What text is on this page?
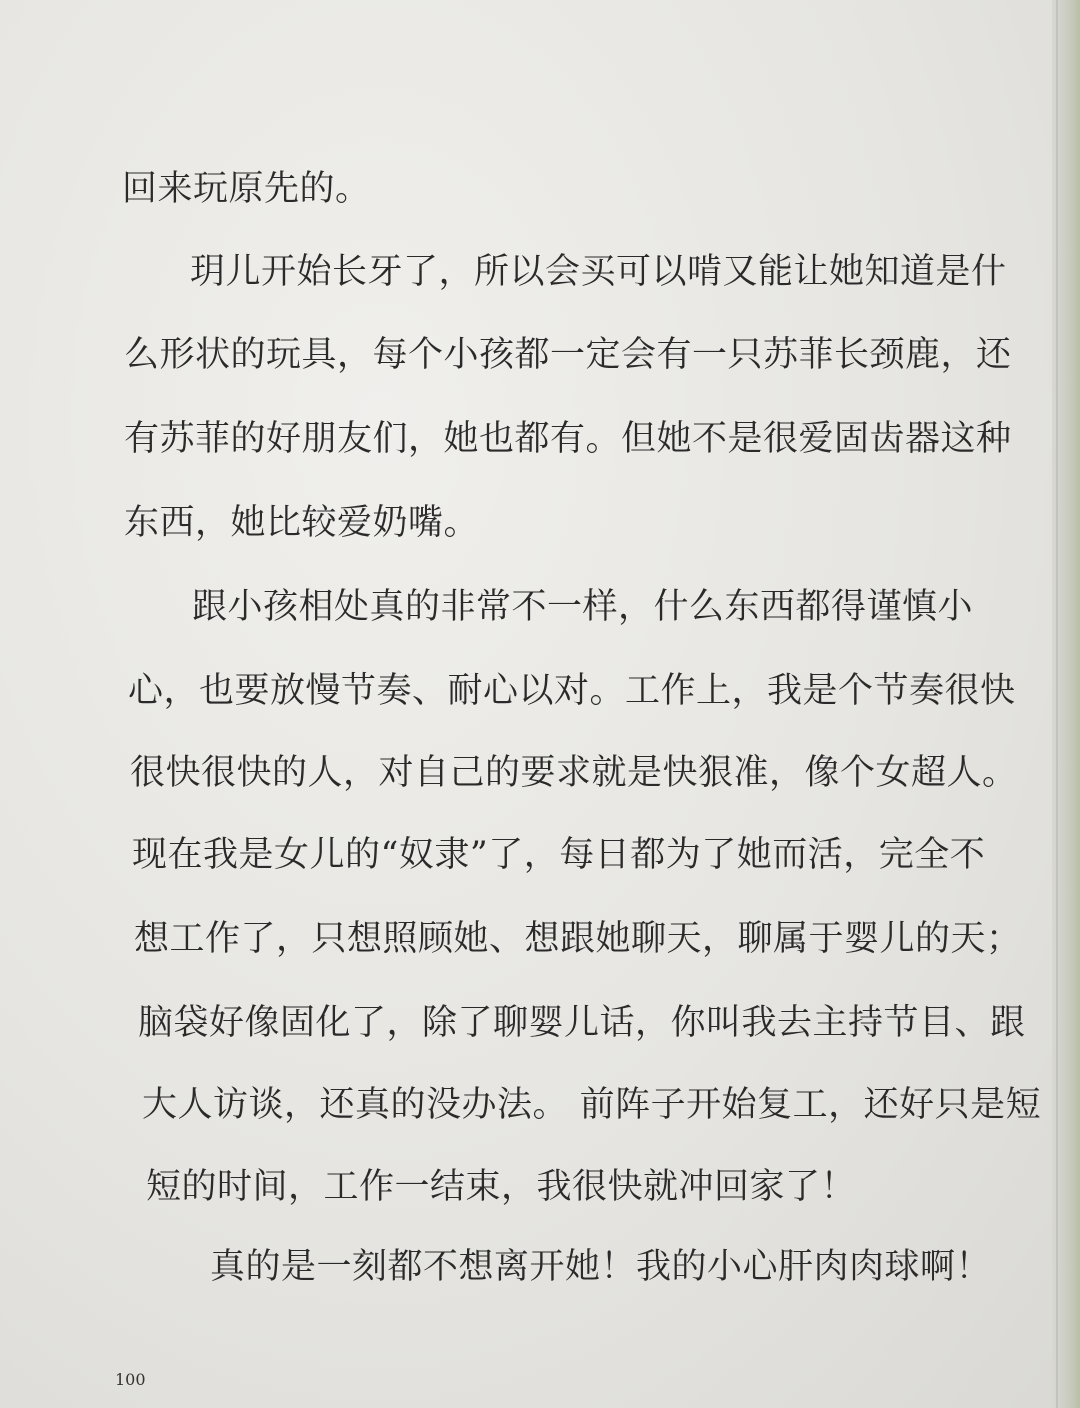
回来玩原先的。
玥儿开始长牙了，所以会买可以啃又能让她知道是什
么形状的玩具，每个小孩都一定会有一只苏菲长颈鹿，还
有苏菲的好朋友们，她也都有。但她不是很爱固齿器这种
东西，她比较爱奶嘴。
跟小孩相处真的非常不一样，什么东西都得谨慎小
心，也要放慢节奏、耐心以对。工作上，我是个节奏很快
很快很快的人，对自己的要求就是快狠准，像个女超人。
现在我是女儿的“奴隶”了，每日都为了她而活，完全不
想工作了，只想照顾她、想跟她聊天，聊属于婴儿的天；
脑袋好像固化了，除了聊婴儿话，你叫我去主持节目、跟
大人访谈，还真的没办法。 前阵子开始复工，还好只是短
短的时间，工作一结束，我很快就冲回家了！
真的是一刻都不想离开她！我的小心肝肉肉球啊！
100
